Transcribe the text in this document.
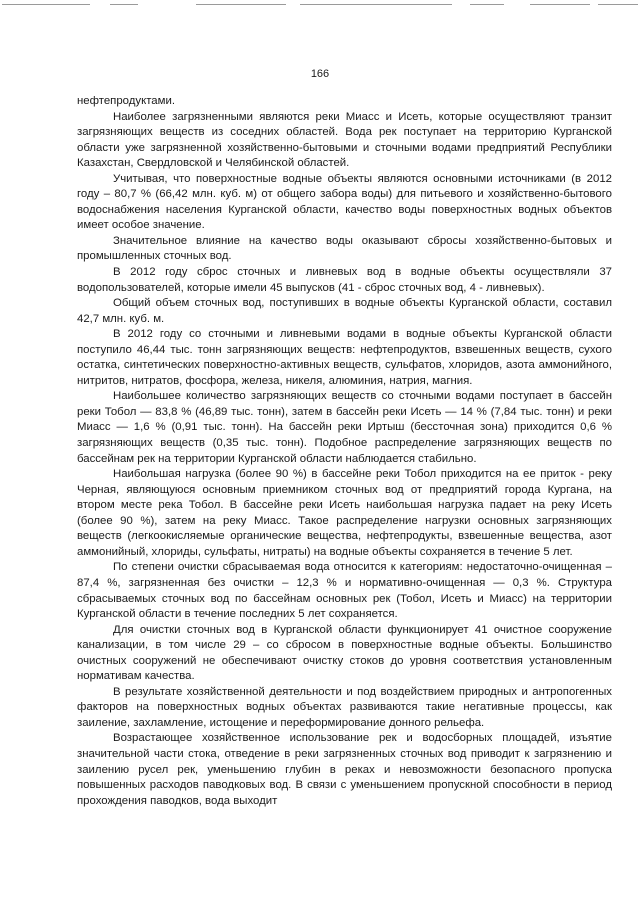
166

нефтепродуктами.

Наиболее загрязненными являются реки Миасс и Исеть, которые осуществляют транзит загрязняющих веществ из соседних областей. Вода рек поступает на территорию Курганской области уже загрязненной хозяйственно-бытовыми и сточными водами предприятий Республики Казахстан, Свердловской и Челябинской областей.

Учитывая, что поверхностные водные объекты являются основными источниками (в 2012 году – 80,7 % (66,42 млн. куб. м) от общего забора воды) для питьевого и хозяйственно-бытового водоснабжения населения Курганской области, качество воды поверхностных водных объектов имеет особое значение.

Значительное влияние на качество воды оказывают сбросы хозяйственно-бытовых и промышленных сточных вод.

В 2012 году сброс сточных и ливневых вод в водные объекты осуществляли 37 водопользователей, которые имели 45 выпусков (41 - сброс сточных вод, 4 - ливневых).

Общий объем сточных вод, поступивших в водные объекты Курганской области, составил 42,7 млн. куб. м.

В 2012 году со сточными и ливневыми водами в водные объекты Курганской области поступило 46,44 тыс. тонн загрязняющих веществ: нефтепродуктов, взвешенных веществ, сухого остатка, синтетических поверхностно-активных веществ, сульфатов, хлоридов, азота аммонийного, нитритов, нитратов, фосфора, железа, никеля, алюминия, натрия, магния.

Наибольшее количество загрязняющих веществ со сточными водами поступает в бассейн реки Тобол — 83,8 % (46,89 тыс. тонн), затем в бассейн реки Исеть — 14 % (7,84 тыс. тонн) и реки Миасс — 1,6 % (0,91 тыс. тонн). На бассейн реки Иртыш (бессточная зона) приходится 0,6 % загрязняющих веществ (0,35 тыс. тонн). Подобное распределение загрязняющих веществ по бассейнам рек на территории Курганской области наблюдается стабильно.

Наибольшая нагрузка (более 90 %) в бассейне реки Тобол приходится на ее приток - реку Черная, являющуюся основным приемником сточных вод от предприятий города Кургана, на втором месте река Тобол. В бассейне реки Исеть наибольшая нагрузка падает на реку Исеть (более 90 %), затем на реку Миасс. Такое распределение нагрузки основных загрязняющих веществ (легкоокисляемые органические вещества, нефтепродукты, взвешенные вещества, азот аммонийный, хлориды, сульфаты, нитраты) на водные объекты сохраняется в течение 5 лет.

По степени очистки сбрасываемая вода относится к категориям: недостаточно-очищенная – 87,4 %, загрязненная без очистки – 12,3 % и нормативно-очищенная — 0,3 %. Структура сбрасываемых сточных вод по бассейнам основных рек (Тобол, Исеть и Миасс) на территории Курганской области в течение последних 5 лет сохраняется.

Для очистки сточных вод в Курганской области функционирует 41 очистное сооружение канализации, в том числе 29 – со сбросом в поверхностные водные объекты. Большинство очистных сооружений не обеспечивают очистку стоков до уровня соответствия установленным нормативам качества.

В результате хозяйственной деятельности и под воздействием природных и антропогенных факторов на поверхностных водных объектах развиваются такие негативные процессы, как заиление, захламление, истощение и переформирование донного рельефа.

Возрастающее хозяйственное использование рек и водосборных площадей, изъятие значительной части стока, отведение в реки загрязненных сточных вод приводит к загрязнению и заилению русел рек, уменьшению глубин в реках и невозможности безопасного пропуска повышенных расходов паводковых вод. В связи с уменьшением пропускной способности в период прохождения паводков, вода выходит
